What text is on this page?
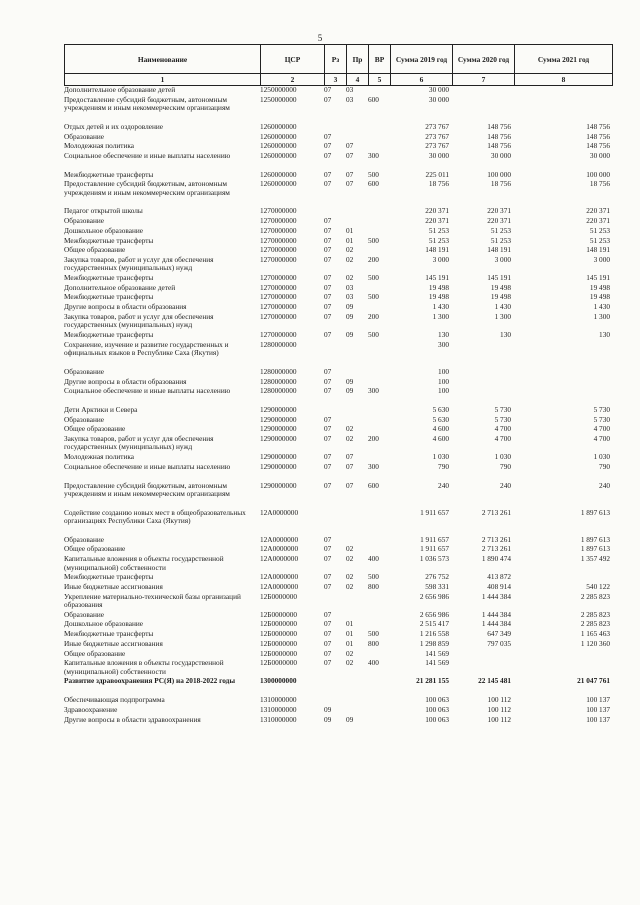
5
Наименование	ЦСР	Рз	Пр	ВР	Сумма 2019 год	Сумма 2020 год	Сумма 2021 год
1	2	3	4	5	6	7	8
Дополнительное образование детей	1250000000	07	03		30 000		
Предоставление субсидий бюджетным, автономным учреждениям и иным некоммерческим организациям	1250000000	07	03	600	30 000		

Отдых детей и их оздоровление	1260000000				273 767	148 756	148 756
Образование	1260000000	07			273 767	148 756	148 756
Молодежная политика	1260000000	07	07		273 767	148 756	148 756
Социальное обеспечение и иные выплаты населению	1260000000	07	07	300	30 000	30 000	30 000

Межбюджетные трансферты	1260000000	07	07	500	225 011	100 000	100 000
Предоставление субсидий бюджетным, автономным учреждениям и иным некоммерческим организациям	1260000000	07	07	600	18 756	18 756	18 756

Педагог открытой школы	1270000000				220 371	220 371	220 371
Образование	1270000000	07			220 371	220 371	220 371
Дошкольное образование	1270000000	07	01		51 253	51 253	51 253
Межбюджетные трансферты	1270000000	07	01	500	51 253	51 253	51 253
Общее образование	1270000000	07	02		148 191	148 191	148 191
Закупка товаров, работ и услуг для обеспечения государственных (муниципальных) нужд	1270000000	07	02	200	3 000	3 000	3 000
Межбюджетные трансферты	1270000000	07	02	500	145 191	145 191	145 191
Дополнительное образование детей	1270000000	07	03		19 498	19 498	19 498
Межбюджетные трансферты	1270000000	07	03	500	19 498	19 498	19 498
Другие вопросы в области образования	1270000000	07	09		1 430	1 430	1 430
Закупка товаров, работ и услуг для обеспечения государственных (муниципальных) нужд	1270000000	07	09	200	1 300	1 300	1 300
Межбюджетные трансферты	1270000000	07	09	500	130	130	130
Сохранение, изучение и развитие государственных и официальных языков в Республике Саха (Якутия)	1280000000				300		

Образование	1280000000	07			100		
Другие вопросы в области образования	1280000000	07	09		100		
Социальное обеспечение и иные выплаты населению	1280000000	07	09	300	100		

Дети Арктики и Севера	1290000000				5 630	5 730	5 730
Образование	1290000000	07			5 630	5 730	5 730
Общее образование	1290000000	07	02		4 600	4 700	4 700
Закупка товаров, работ и услуг для обеспечения государственных (муниципальных) нужд	1290000000	07	02	200	4 600	4 700	4 700
Молодежная политика	1290000000	07	07		1 030	1 030	1 030
Социальное обеспечение и иные выплаты населению	1290000000	07	07	300	790	790	790

Предоставление субсидий бюджетным, автономным учреждениям и иным некоммерческим организациям	1290000000	07	07	600	240	240	240

Содействие созданию новых мест в общеобразовательных организациях Республики Саха (Якутия)	12А0000000				1 911 657	2 713 261	1 897 613

Образование	12А0000000	07			1 911 657	2 713 261	1 897 613
Общее образование	12А0000000	07	02		1 911 657	2 713 261	1 897 613
Капитальные вложения в объекты государственной (муниципальной) собственности	12А0000000	07	02	400	1 036 573	1 890 474	1 357 492
Межбюджетные трансферты	12А0000000	07	02	500	276 752	413 872	
Иные бюджетные ассигнования	12А0000000	07	02	800	598 331	408 914	540 122
Укрепление материально-технической базы организаций образования	12Б0000000				2 656 986	1 444 384	2 285 823
Образование	12Б0000000	07			2 656 986	1 444 384	2 285 823
Дошкольное образование	12Б0000000	07	01		2 515 417	1 444 384	2 285 823
Межбюджетные трансферты	12Б0000000	07	01	500	1 216 558	647 349	1 165 463
Иные бюджетные ассигнования	12Б0000000	07	01	800	1 298 859	797 035	1 120 360
Общее образование	12Б0000000	07	02		141 569		
Капитальные вложения в объекты государственной (муниципальной) собственности	12Б0000000	07	02	400	141 569		
Развитие здравоохранения РС(Я) на 2018-2022 годы	1300000000				21 281 155	22 145 481	21 047 761

Обеспечивающая подпрограмма	1310000000				100 063	100 112	100 137
Здравоохранение	1310000000	09			100 063	100 112	100 137
Другие вопросы в области здравоохранения	1310000000	09	09		100 063	100 112	100 137
